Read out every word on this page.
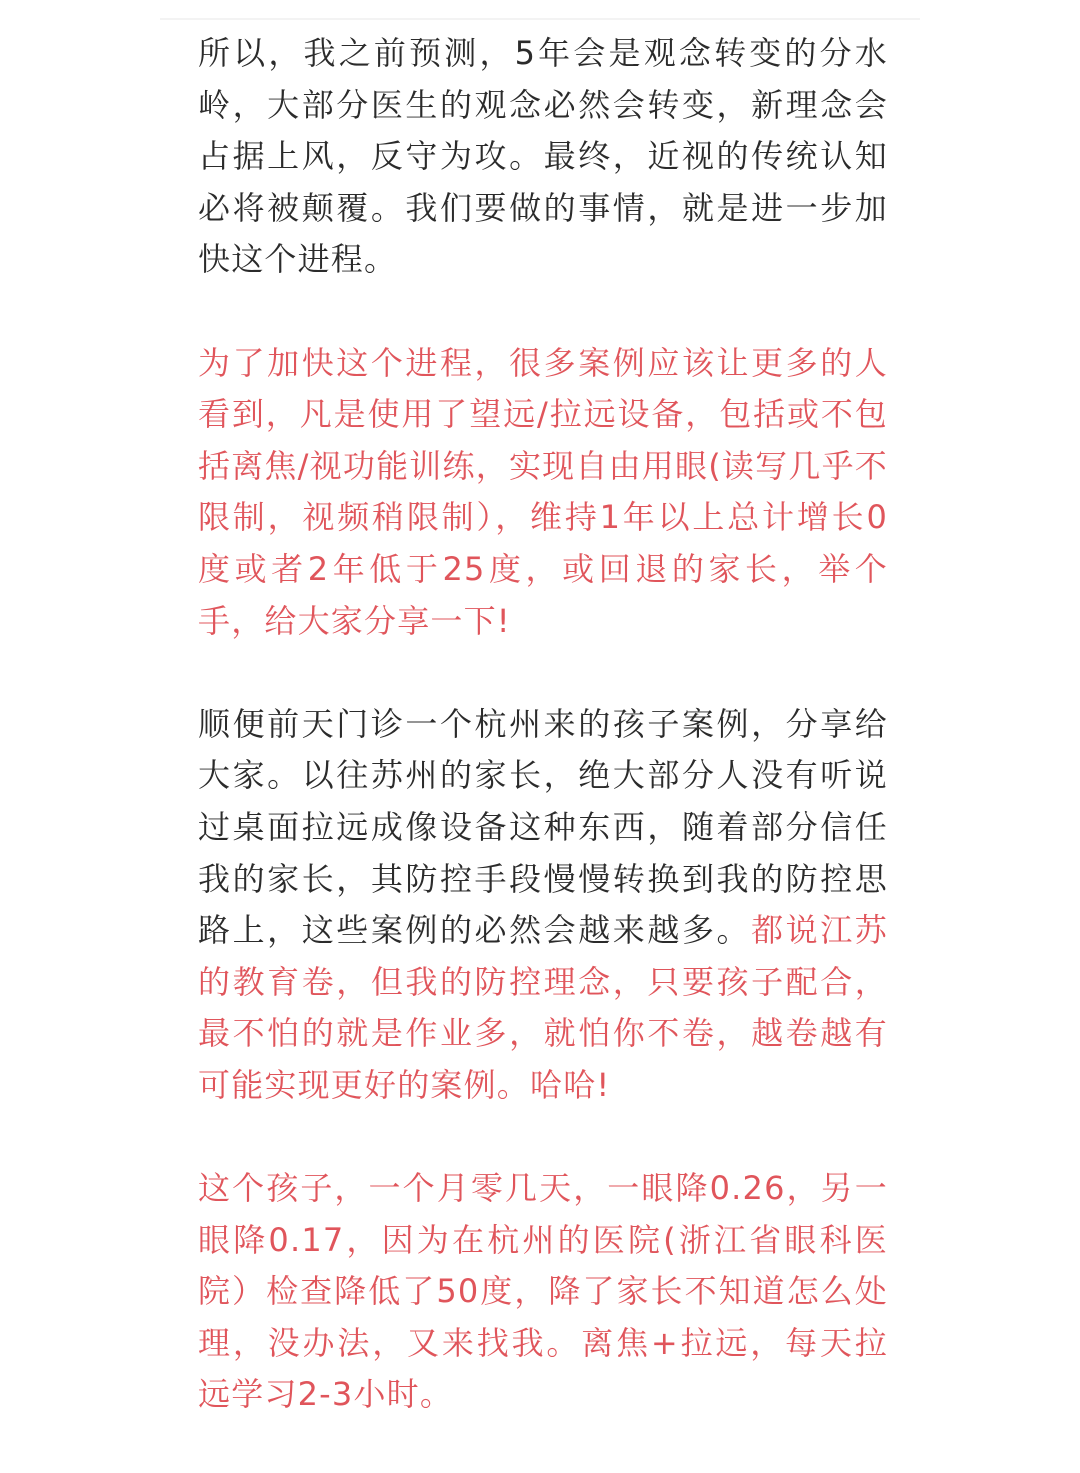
所以，我之前预测，5年会是观念转变的分水岭，大部分医生的观念必然会转变，新理念会占据上风，反守为攻。最终，近视的传统认知必将被颠覆。我们要做的事情，就是进一步加快这个进程。

为了加快这个进程，很多案例应该让更多的人看到，凡是使用了望远/拉远设备，包括或不包括离焦/视功能训练，实现自由用眼(读写几乎不限制，视频稍限制），维持1年以上总计增长0度或者2年低于25度，或回退的家长，举个手，给大家分享一下!

顺便前天门诊一个杭州来的孩子案例，分享给大家。以往苏州的家长，绝大部分人没有听说过桌面拉远成像设备这种东西，随着部分信任我的家长，其防控手段慢慢转换到我的防控思路上，这些案例的必然会越来越多。都说江苏的教育卷，但我的防控理念，只要孩子配合，最不怕的就是作业多，就怕你不卷，越卷越有可能实现更好的案例。哈哈!

这个孩子，一个月零几天，一眼降0.26，另一眼降0.17，因为在杭州的医院(浙江省眼科医院）检查降低了50度，降了家长不知道怎么处理，没办法，又来找我。离焦+拉远，每天拉远学习2-3小时。
